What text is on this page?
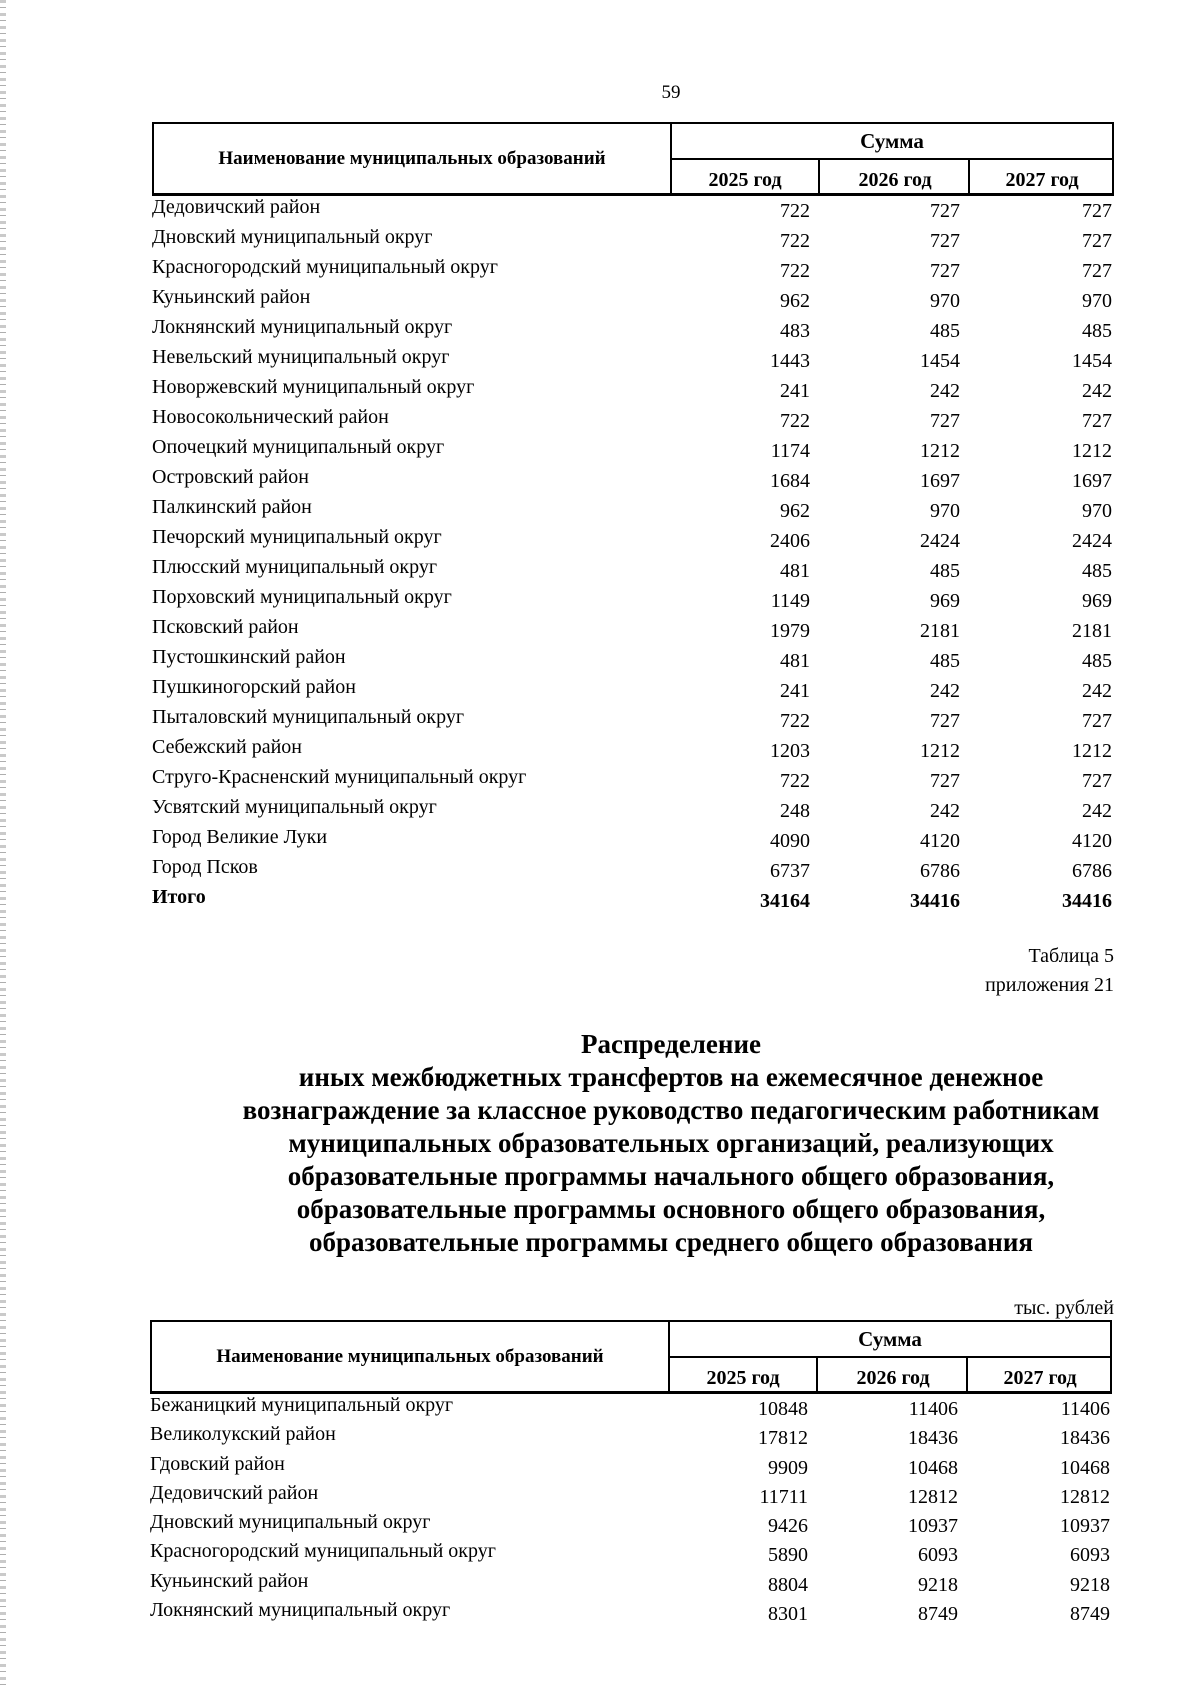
59
Наименование муниципальных образований
Сумма
2025 год	2026 год	2027 год
Дедовичский район	722	727	727
Дновский муниципальный округ	722	727	727
Красногородский муниципальный округ	722	727	727
Куньинский район	962	970	970
Локнянский муниципальный округ	483	485	485
Невельский муниципальный округ	1443	1454	1454
Новоржевский муниципальный округ	241	242	242
Новосокольнический район	722	727	727
Опочецкий муниципальный округ	1174	1212	1212
Островский район	1684	1697	1697
Палкинский район	962	970	970
Печорский муниципальный округ	2406	2424	2424
Плюсский муниципальный округ	481	485	485
Порховский муниципальный округ	1149	969	969
Псковский район	1979	2181	2181
Пустошкинский район	481	485	485
Пушкиногорский район	241	242	242
Пыталовский муниципальный округ	722	727	727
Себежский район	1203	1212	1212
Струго-Красненский муниципальный округ	722	727	727
Усвятский муниципальный округ	248	242	242
Город Великие Луки	4090	4120	4120
Город Псков	6737	6786	6786
Итого	34164	34416	34416
Таблица 5
приложения 21
Распределение
иных межбюджетных трансфертов на ежемесячное денежное
вознаграждение за классное руководство педагогическим работникам
муниципальных образовательных организаций, реализующих
образовательные программы начального общего образования,
образовательные программы основного общего образования,
образовательные программы среднего общего образования
тыс. рублей
Наименование муниципальных образований
Сумма
2025 год	2026 год	2027 год
Бежаницкий муниципальный округ	10848	11406	11406
Великолукский район	17812	18436	18436
Гдовский район	9909	10468	10468
Дедовичский район	11711	12812	12812
Дновский муниципальный округ	9426	10937	10937
Красногородский муниципальный округ	5890	6093	6093
Куньинский район	8804	9218	9218
Локнянский муниципальный округ	8301	8749	8749
